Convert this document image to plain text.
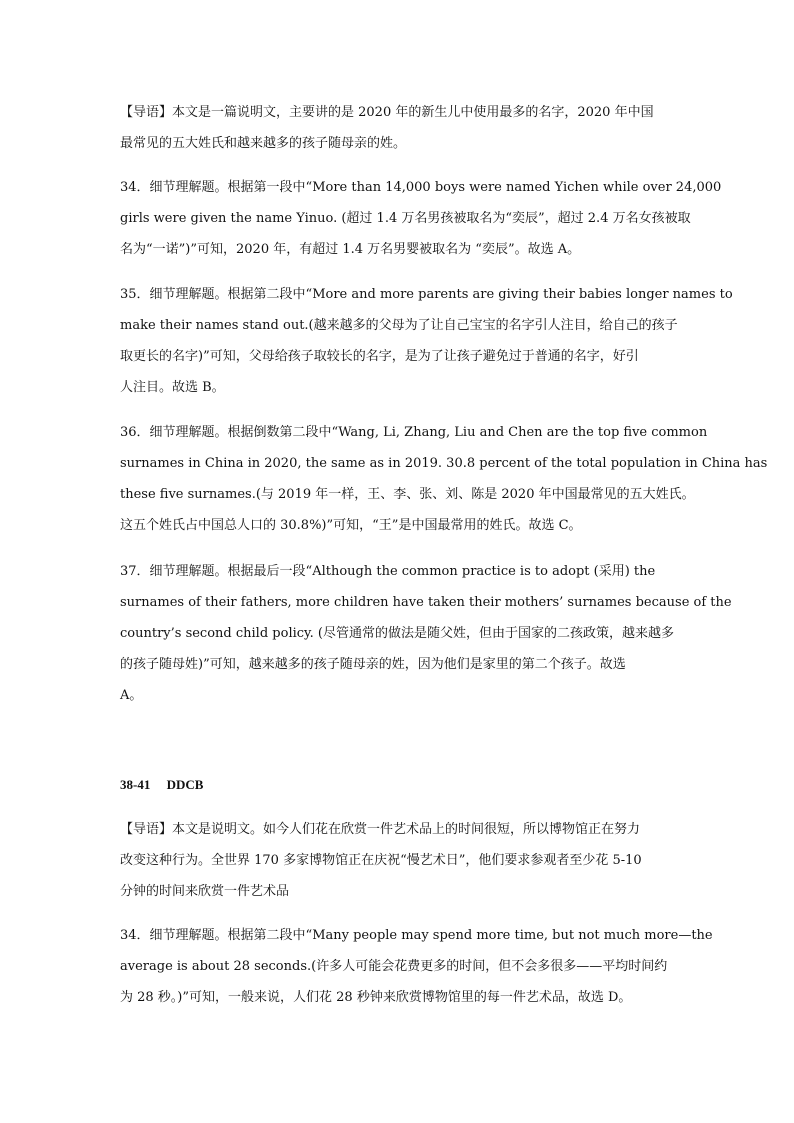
【导语】本文是一篇说明文，主要讲的是 2020 年的新生儿中使用最多的名字，2020 年中国
最常见的五大姓氏和越来越多的孩子随母亲的姓。
34．细节理解题。根据第一段中“More than 14,000 boys were named Yichen while over 24,000
girls were given the name Yinuo. (超过 1.4 万名男孩被取名为“奕辰”，超过 2.4 万名女孩被取
名为“一诺”)”可知，2020 年，有超过 1.4 万名男婴被取名为 “奕辰”。故选 A。
35．细节理解题。根据第二段中“More and more parents are giving their babies longer names to
make their names stand out.(越来越多的父母为了让自己宝宝的名字引人注目，给自己的孩子
取更长的名字)”可知，父母给孩子取较长的名字，是为了让孩子避免过于普通的名字，好引
人注目。故选 B。
36．细节理解题。根据倒数第二段中“Wang, Li, Zhang, Liu and Chen are the top five common
surnames in China in 2020, the same as in 2019. 30.8 percent of the total population in China has
these five surnames.(与 2019 年一样，王、李、张、刘、陈是 2020 年中国最常见的五大姓氏。
这五个姓氏占中国总人口的 30.8%)”可知，“王”是中国最常用的姓氏。故选 C。
37．细节理解题。根据最后一段“Although the common practice is to adopt (采用) the
surnames of their fathers, more children have taken their mothers’ surnames because of the
country’s second child policy. (尽管通常的做法是随父姓，但由于国家的二孩政策，越来越多
的孩子随母姓)”可知，越来越多的孩子随母亲的姓，因为他们是家里的第二个孩子。故选
A。
38-41     DDCB
【导语】本文是说明文。如今人们花在欣赏一件艺术品上的时间很短，所以博物馆正在努力
改变这种行为。全世界 170 多家博物馆正在庆祝“慢艺术日”，他们要求参观者至少花 5-10
分钟的时间来欣赏一件艺术品
34．细节理解题。根据第二段中“Many people may spend more time, but not much more—the
average is about 28 seconds.(许多人可能会花费更多的时间，但不会多很多——平均时间约
为 28 秒。)”可知，一般来说，人们花 28 秒钟来欣赏博物馆里的每一件艺术品，故选 D。
